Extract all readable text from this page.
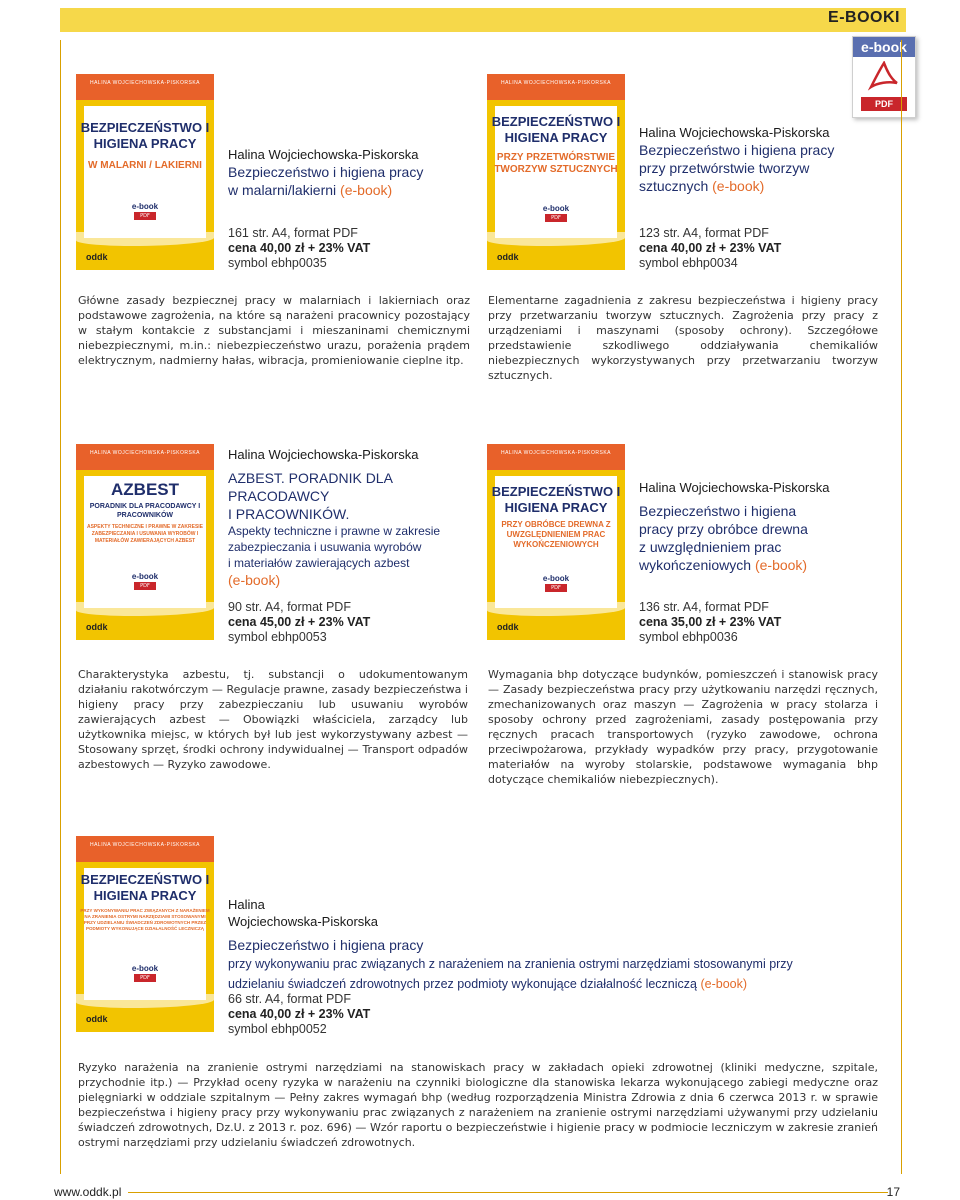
E-BOOKI
e-book
PDF
HALINA WOJCIECHOWSKA-PISKORSKA
BEZPIECZEŃSTWO I HIGIENA PRACY
W MALARNI / LAKIERNI
e-book
PDF
oddk
Halina Wojciechowska-Piskorska
Bezpieczeństwo i higiena pracy
w malarni/lakierni (e-book)
161 str. A4, format PDF
cena 40,00 zł + 23% VAT
symbol ebhp0035
Główne zasady bezpiecznej pracy w malarniach i lakierniach oraz podstawowe zagrożenia, na które są narażeni pracownicy pozostający w stałym kontakcie z substancjami i mieszaninami chemicznymi niebezpiecznymi, m.in.: niebezpieczeństwo urazu, porażenia prądem elektrycznym, nadmierny hałas, wibracja, promieniowanie cieplne itp.
HALINA WOJCIECHOWSKA-PISKORSKA
BEZPIECZEŃSTWO I HIGIENA PRACY
PRZY PRZETWÓRSTWIE TWORZYW SZTUCZNYCH
e-book
PDF
oddk
Halina Wojciechowska-Piskorska
Bezpieczeństwo i higiena pracy
przy przetwórstwie tworzyw
sztucznych (e-book)
123 str. A4, format PDF
cena 40,00 zł + 23% VAT
symbol ebhp0034
Elementarne zagadnienia z zakresu bezpieczeństwa i higieny pracy przy przetwarzaniu tworzyw sztucznych. Zagrożenia przy pracy z urządzeniami i maszynami (sposoby ochrony). Szczegółowe przedstawienie szkodliwego oddziaływania chemikaliów niebezpiecznych wykorzystywanych przy przetwarzaniu tworzyw sztucznych.
HALINA WOJCIECHOWSKA-PISKORSKA
AZBEST
PORADNIK DLA PRACODAWCY I PRACOWNIKÓW
ASPEKTY TECHNICZNE I PRAWNE W ZAKRESIE ZABEZPIECZANIA I USUWANIA WYROBÓW I MATERIAŁÓW ZAWIERAJĄCYCH AZBEST
e-book
PDF
oddk
Halina Wojciechowska-Piskorska
AZBEST. PORADNIK DLA
PRACODAWCY
I PRACOWNIKÓW.
Aspekty techniczne i prawne w zakresie
zabezpieczania i usuwania wyrobów
i materiałów zawierających azbest
(e-book)
90 str. A4, format PDF
cena 45,00 zł + 23% VAT
symbol ebhp0053
Charakterystyka azbestu, tj. substancji o udokumentowanym działaniu rakotwórczym — Regulacje prawne, zasady bezpieczeństwa i higieny pracy przy zabezpieczaniu lub usuwaniu wyrobów zawierających azbest — Obowiązki właściciela, zarządcy lub użytkownika miejsc, w których był lub jest wykorzystywany azbest — Stosowany sprzęt, środki ochrony indywidualnej — Transport odpadów azbestowych — Ryzyko zawodowe.
HALINA WOJCIECHOWSKA-PISKORSKA
BEZPIECZEŃSTWO I HIGIENA PRACY
PRZY OBRÓBCE DREWNA Z UWZGLĘDNIENIEM PRAC WYKOŃCZENIOWYCH
e-book
PDF
oddk
Halina Wojciechowska-Piskorska
Bezpieczeństwo i higiena
pracy przy obróbce drewna
z uwzględnieniem prac
wykończeniowych (e-book)
136 str. A4, format PDF
cena 35,00 zł + 23% VAT
symbol ebhp0036
Wymagania bhp dotyczące budynków, pomieszczeń i stanowisk pracy — Zasady bezpieczeństwa pracy przy użytkowaniu narzędzi ręcznych, zmechanizowanych oraz maszyn — Zagrożenia w pracy stolarza i sposoby ochrony przed zagrożeniami, zasady postępowania przy ręcznych pracach transportowych (ryzyko zawodowe, ochrona przeciwpożarowa, przykłady wypadków przy pracy, przygotowanie materiałów na wyroby stolarskie, podstawowe wymagania bhp dotyczące chemikaliów niebezpiecznych).
HALINA WOJCIECHOWSKA-PISKORSKA
BEZPIECZEŃSTWO I HIGIENA PRACY
PRZY WYKONYWANIU PRAC ZWIĄZANYCH Z NARAŻENIEM NA ZRANIENIA OSTRYMI NARZĘDZIAMI STOSOWANYMI PRZY UDZIELANIU ŚWIADCZEŃ ZDROWOTNYCH PRZEZ PODMIOTY WYKONUJĄCE DZIAŁALNOŚĆ LECZNICZĄ
e-book
PDF
oddk
Halina
Wojciechowska-Piskorska
Bezpieczeństwo i higiena pracy
przy wykonywaniu prac związanych z narażeniem na zranienia ostrymi narzędziami stosowanymi przy
udzielaniu świadczeń zdrowotnych przez podmioty wykonujące działalność leczniczą (e-book)
66 str. A4, format PDF
cena 40,00 zł + 23% VAT
symbol ebhp0052
Ryzyko narażenia na zranienie ostrymi narzędziami na stanowiskach pracy w zakładach opieki zdrowotnej (kliniki medyczne, szpitale, przychodnie itp.) — Przykład oceny ryzyka w narażeniu na czynniki biologiczne dla stanowiska lekarza wykonującego zabiegi medyczne oraz pielęgniarki w oddziale szpitalnym — Pełny zakres wymagań bhp (według rozporządzenia Ministra Zdrowia z dnia 6 czerwca 2013 r. w sprawie bezpieczeństwa i higieny pracy przy wykonywaniu prac związanych z narażeniem na zranienie ostrymi narzędziami używanymi przy udzielaniu świadczeń zdrowotnych, Dz.U. z 2013 r. poz. 696) — Wzór raportu o bezpieczeństwie i higienie pracy w podmiocie leczniczym w zakresie zranień ostrymi narzędziami przy udzielaniu świadczeń zdrowotnych.
www.oddk.pl	17
